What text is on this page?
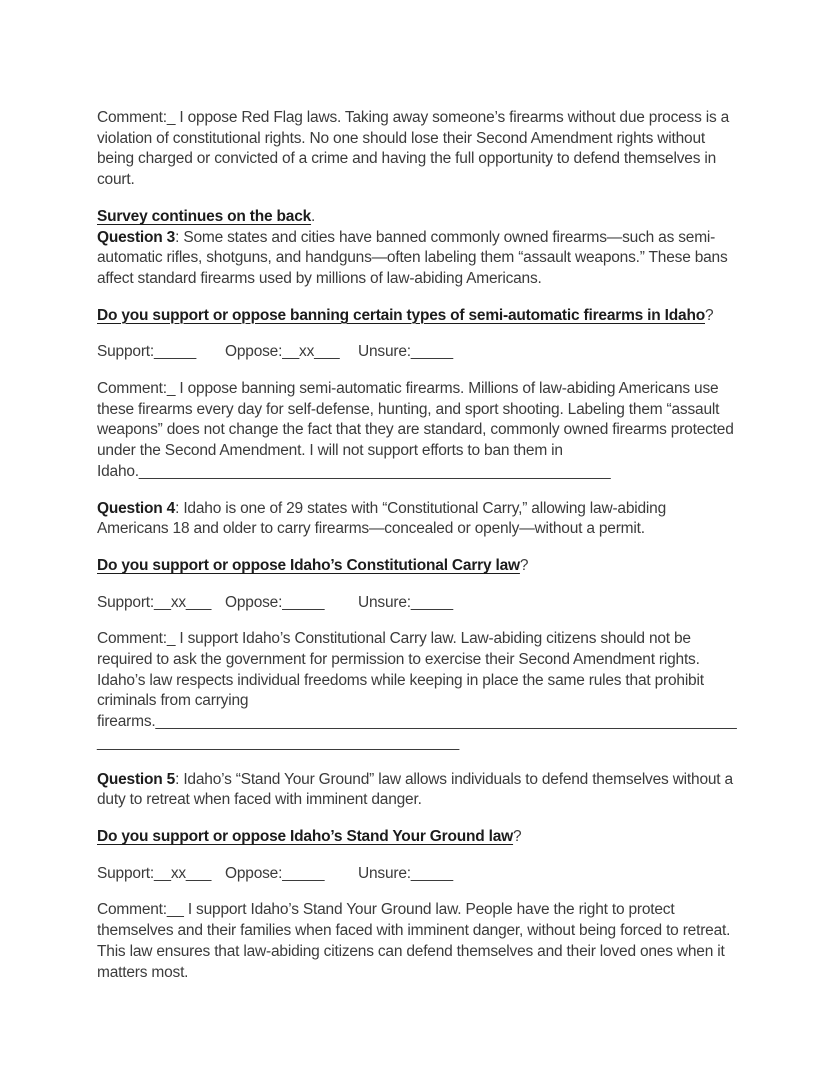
Comment:_ I oppose Red Flag laws. Taking away someone’s firearms without due process is a violation of constitutional rights. No one should lose their Second Amendment rights without being charged or convicted of a crime and having the full opportunity to defend themselves in court.

Survey continues on the back.

Question 3: Some states and cities have banned commonly owned firearms—such as semi-automatic rifles, shotguns, and handguns—often labeling them “assault weapons.” These bans affect standard firearms used by millions of law-abiding Americans.

Do you support or oppose banning certain types of semi-automatic firearms in Idaho?

Support:_____ Oppose:__xx___ Unsure:_____

Comment:_ I oppose banning semi-automatic firearms. Millions of law-abiding Americans use these firearms every day for self-defense, hunting, and sport shooting. Labeling them “assault weapons” does not change the fact that they are standard, commonly owned firearms protected under the Second Amendment. I will not support efforts to ban them in Idaho.________________________________________________________

Question 4: Idaho is one of 29 states with “Constitutional Carry,” allowing law-abiding Americans 18 and older to carry firearms—concealed or openly—without a permit.

Do you support or oppose Idaho’s Constitutional Carry law?

Support:__xx___ Oppose:_____ Unsure:_____

Comment:_ I support Idaho’s Constitutional Carry law. Law-abiding citizens should not be required to ask the government for permission to exercise their Second Amendment rights. Idaho’s law respects individual freedoms while keeping in place the same rules that prohibit criminals from carrying firearms.________________________________________________________________________________________________________________

Question 5: Idaho’s “Stand Your Ground” law allows individuals to defend themselves without a duty to retreat when faced with imminent danger.

Do you support or oppose Idaho’s Stand Your Ground law?

Support:__xx___ Oppose:_____ Unsure:_____

Comment:__ I support Idaho’s Stand Your Ground law. People have the right to protect themselves and their families when faced with imminent danger, without being forced to retreat. This law ensures that law-abiding citizens can defend themselves and their loved ones when it matters most.
